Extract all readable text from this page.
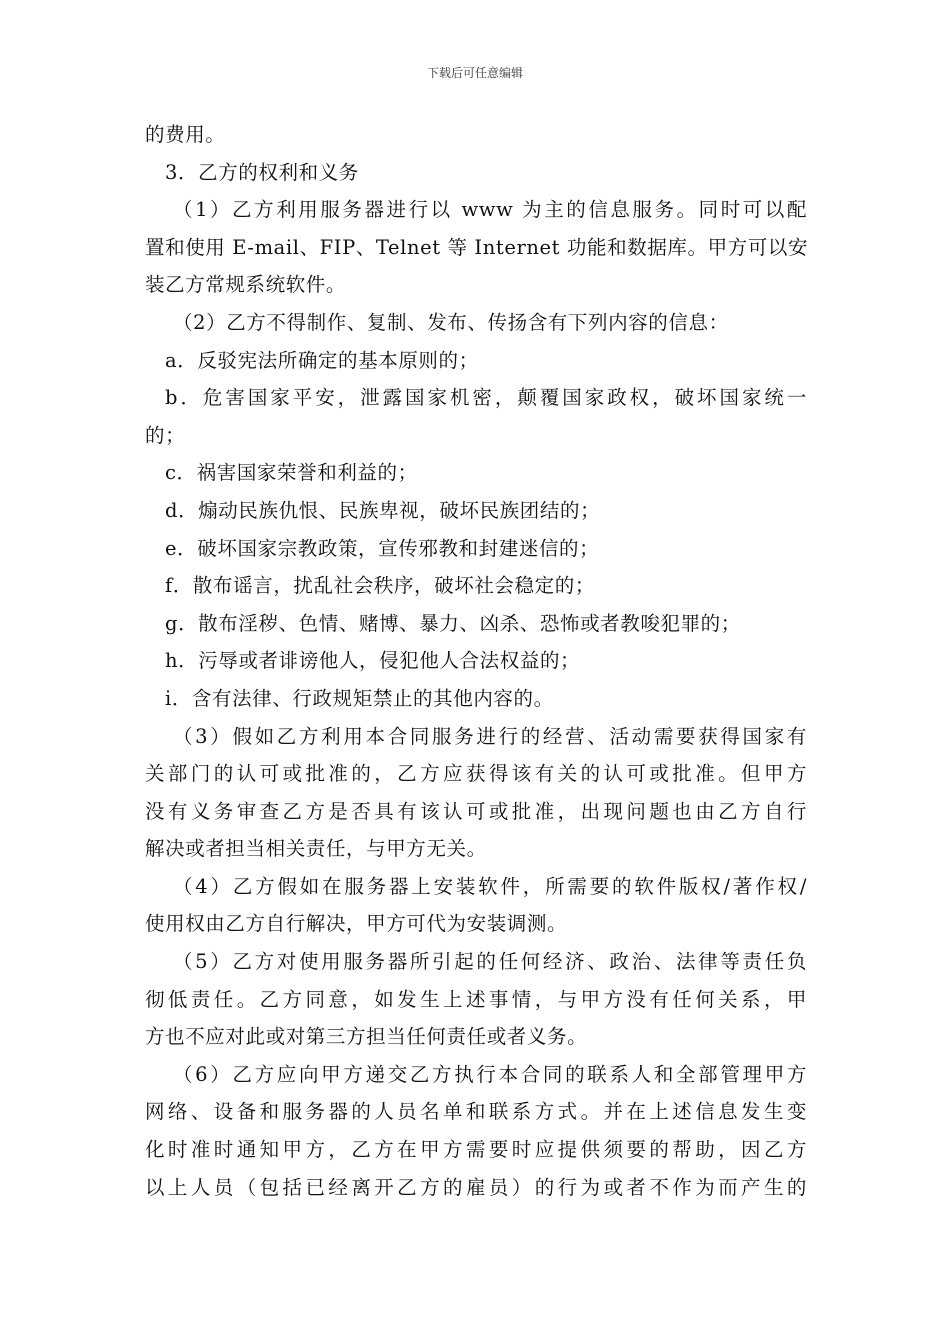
下载后可任意编辑
的费用。
3．乙方的权利和义务
（1）乙方利用服务器进行以 www 为主的信息服务。同时可以配
置和使用 E-mail、FIP、Telnet 等 Internet 功能和数据库。甲方可以安
装乙方常规系统软件。
（2）乙方不得制作、复制、发布、传扬含有下列内容的信息：
a．反驳宪法所确定的基本原则的；
b．危害国家平安，泄露国家机密，颠覆国家政权，破坏国家统一
的；
c．祸害国家荣誉和利益的；
d．煽动民族仇恨、民族卑视，破坏民族团结的；
e．破坏国家宗教政策，宣传邪教和封建迷信的；
f．散布谣言，扰乱社会秩序，破坏社会稳定的；
g．散布淫秽、色情、赌博、暴力、凶杀、恐怖或者教唆犯罪的；
h．污辱或者诽谤他人，侵犯他人合法权益的；
i．含有法律、行政规矩禁止的其他内容的。
（3）假如乙方利用本合同服务进行的经营、活动需要获得国家有
关部门的认可或批准的，乙方应获得该有关的认可或批准。但甲方
没有义务审查乙方是否具有该认可或批准，出现问题也由乙方自行
解决或者担当相关责任，与甲方无关。
（4）乙方假如在服务器上安装软件，所需要的软件版权/著作权/
使用权由乙方自行解决，甲方可代为安装调测。
（5）乙方对使用服务器所引起的任何经济、政治、法律等责任负
彻低责任。乙方同意，如发生上述事情，与甲方没有任何关系，甲
方也不应对此或对第三方担当任何责任或者义务。
（6）乙方应向甲方递交乙方执行本合同的联系人和全部管理甲方
网络、设备和服务器的人员名单和联系方式。并在上述信息发生变
化时准时通知甲方，乙方在甲方需要时应提供须要的帮助，因乙方
以上人员（包括已经离开乙方的雇员）的行为或者不作为而产生的
